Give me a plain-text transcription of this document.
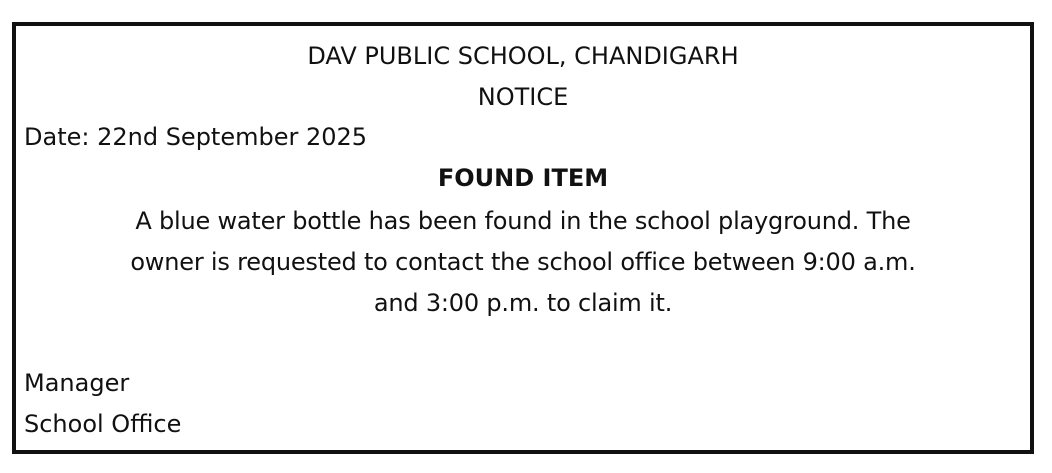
DAV PUBLIC SCHOOL, CHANDIGARH
NOTICE
Date: 22nd September 2025
FOUND ITEM
A blue water bottle has been found in the school playground. The
owner is requested to contact the school office between 9:00 a.m.
and 3:00 p.m. to claim it.
Manager
School Office
